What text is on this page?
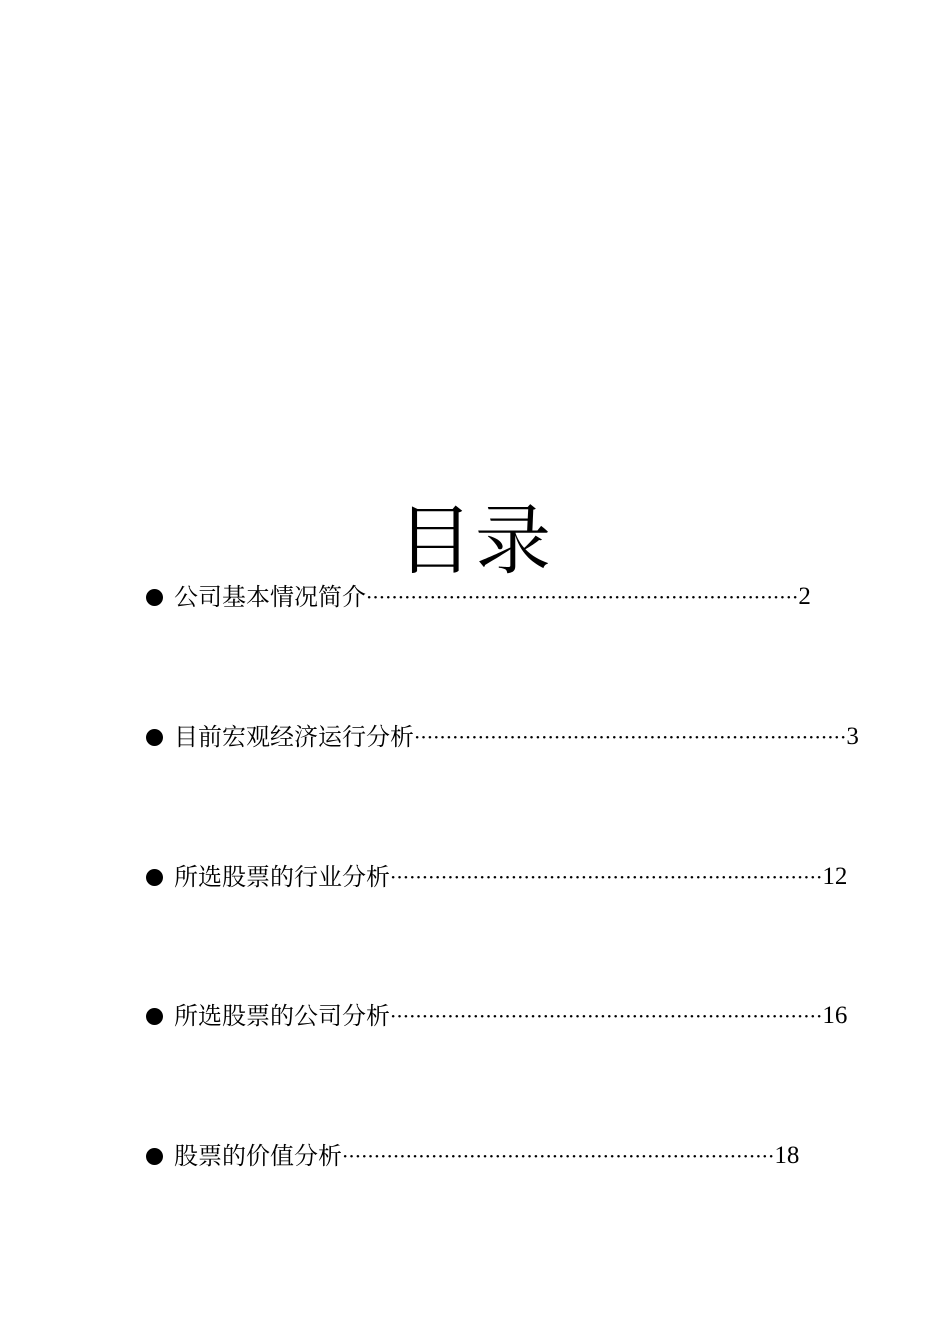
公司基本情况简介 ···································································· 2
目前宏观经济运行分析 ···································································· 3
所选股票的行业分析 ···································································· 12
所选股票的公司分析 ···································································· 16
股票的价值分析 ···································································· 18
目录
